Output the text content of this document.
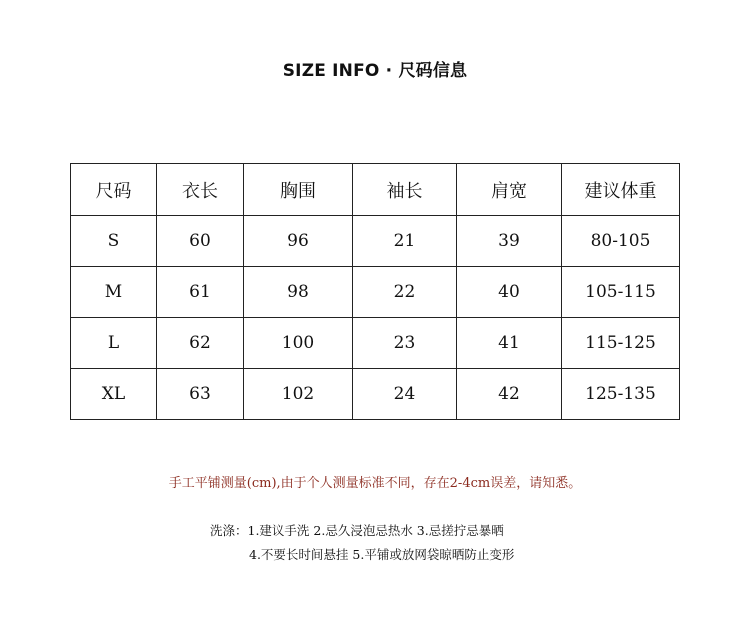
SIZE INFO · 尺码信息
尺码	衣长	胸围	袖长	肩宽	建议体重
S	60	96	21	39	80-105
M	61	98	22	40	105-115
L	62	100	23	41	115-125
XL	63	102	24	42	125-135
手工平铺测量(cm),由于个人测量标准不同，存在2-4cm误差，请知悉。
洗涤：1.建议手洗 2.忌久浸泡忌热水 3.忌搓拧忌暴晒
4.不要长时间悬挂 5.平铺或放网袋晾晒防止变形
